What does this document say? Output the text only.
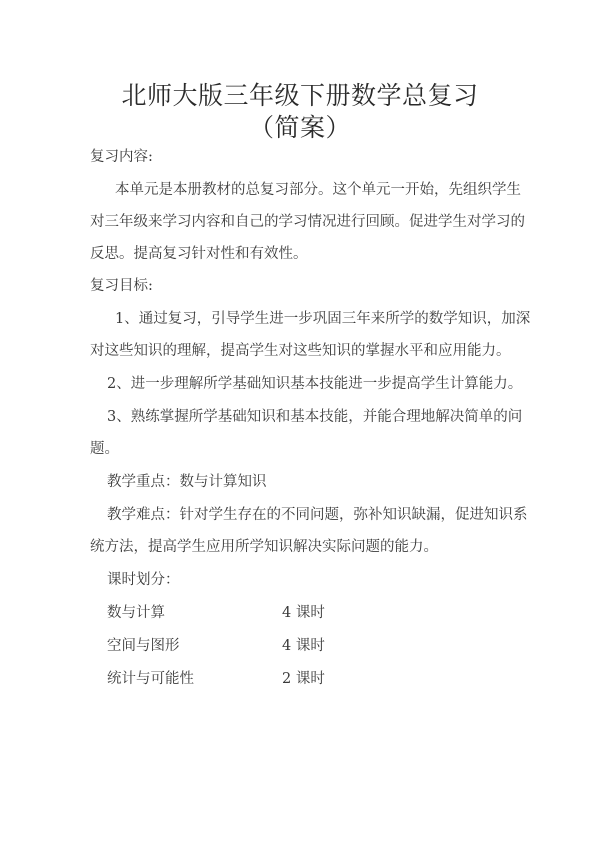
北师大版三年级下册数学总复习
（简案）
复习内容:
本单元是本册教材的总复习部分。这个单元一开始，先组织学生
对三年级来学习内容和自己的学习情况进行回顾。促进学生对学习的
反思。提高复习针对性和有效性。
复习目标:
1、通过复习，引导学生进一步巩固三年来所学的数学知识，加深
对这些知识的理解，提高学生对这些知识的掌握水平和应用能力。
2、进一步理解所学基础知识基本技能进一步提高学生计算能力。
3、熟练掌握所学基础知识和基本技能，并能合理地解决简单的问
题。
教学重点：数与计算知识
教学难点：针对学生存在的不同问题，弥补知识缺漏，促进知识系
统方法，提高学生应用所学知识解决实际问题的能力。
课时划分：
数与计算	4 课时
空间与图形	4 课时
统计与可能性	2 课时
